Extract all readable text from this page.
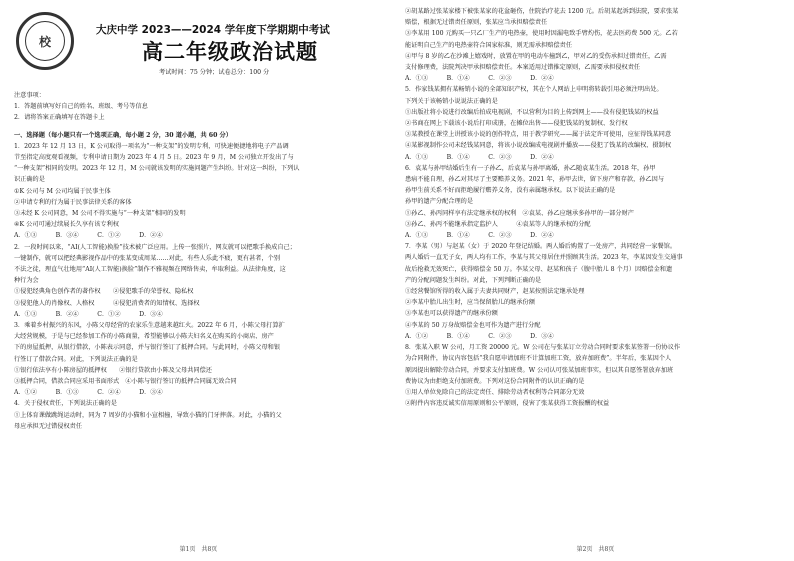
校
大庆中学 2023——2024 学年度下学期期中考试
高二年级政治试题
考试时间：75 分钟；试卷总分：100 分
注意事项：
1．答题前填写好自己的姓名、班级、考号等信息
2．请将答案正确填写在答题卡上
一、选择题（每小题只有一个选项正确，每小题 2 分，30 道小题，共 60 分）
1．2023 年 12 月 13 日，K 公司取得一项名为“一种支架”的发明专利，可快速便捷地将电子产品调
节至指定高度观看视频，专利申请日期为 2023 年 4 月 5 日。2023 年 9 月，M 公司独立开发出了与
“一种支架”相同的发明。2023 年 12 月，M 公司就该发明的实施问题产生纠纷。针对这一纠纷，下列认
识正确的是
①K 公司与 M 公司均属于民事主体
②申请专利的行为属于民事法律关系的客体
③未经 K 公司同意，M 公司不得实施与“一种支架”相同的发明
④K 公司可通过续展长久享有该专利权
A．①③　　　B．③④　　　C．①②　　　D．②④
2．一段时间以来，“AI(人工智能)换脸”技术被广泛应用。上传一张照片，网友就可以把歌手换成自己；
一键制作，就可以把经典影视作品中的张某变成周某……对此，有些人乐此不疲，更有甚者，个别
不法之徒，理直气壮地用“AI(人工智能)换脸”制作不雅视频在网络售卖，牟取利益。从法律角度，这
种行为会
①侵犯经典角色创作者的著作权　　②侵犯歌手的荣誉权、隐私权
③侵犯他人的肖像权、人格权　　　④侵犯消费者的知情权、选择权
A．①③　　　B．②④　　　C．①②　　　D．③④
3．乘着乡村振兴的东风，小陈父母经营的农家乐生意越来越红火。2022 年 6 月，小陈父母打算扩
大经营规模，于是与已经参加工作的小陈商量，希望能够以小陈夫妇名义在购买的小商店、房产
下的房屋抵押，从银行借款，小陈表示同意，并与银行签订了抵押合同。与此同时，小陈父母和银
行签订了借款合同。对此，下列说法正确的是
①银行依法享有小陈房屋的抵押权　　②银行贷款由小陈及父母共同偿还
③抵押合同，借款合同应采用书面形式　④小陈与银行签订的抵押合同属无效合同
A．①②　　　B．①③　　　C．②④　　　D．③④
4．关于侵权责任，下列说法正确的是
①上体育课做跳绳运动时，同为 7 周岁的小猫和小宣相撞，导致小猫的门牙摔落。对此，小猫的父
母应承担无过错侵权责任
第1页　共8页
②胡某路过张某家楼下被张某家的花盆砸伤，住院治疗花去 1200 元。后胡某起诉到法院，要求张某
赔偿，根据无过错责任原则，张某应当承担赔偿责任
③李某用 100 元购买一只乙厂生产的电热壶，使用时因漏电致手臂灼伤，花去医药费 500 元。乙若
能证明自己生产的电热壶符合国家标准，则无需承担赔偿责任
④甲与 8 岁的乙在沙滩上嬉戏时，放置在甲的电动车撞到乙，甲对乙的受伤承担过错责任，乙需
支付修理费，法院判决甲承担赔偿责任。本案适用过错推定原则，乙需要承担侵权责任
A．①③　　　B．①④　　　C．②③　　　D．②④
5．作家钱某拥有某畅销小说的全部知识产权，其在个人网站上申明将转载引用必须注明出处。
下列关于该畅销小说说法正确的是
①出版社将小说进行改编后拍成电视剧，不以营利为目的上传到网上——没有侵犯钱某的权益
②书商在网上下载该小说后打印成册，在摊位出售——侵犯钱某的复制权、发行权
③某教授在课堂上讲授该小说的创作特点，用于教学研究——属于法定许可使用，应征得钱某同意
④某影视制作公司未经钱某同意，将该小说改编成电视剧并播放——侵犯了钱某的改编权、摄制权
A．①③　　　B．①④　　　C．②③　　　D．②④
6．袁某与孙甲结婚后生有一子孙乙，后袁某与孙甲离婚，孙乙随袁某生活。2018 年，孙甲
患病不能自理，孙乙对其尽了主要赡养义务。2021 年，孙甲去世，留下房产和存款，孙乙因与
孙甲生前关系不好而拒绝履行赡养义务，没有亲属继承权。以下说法正确的是
孙甲的遗产分配合理的是
①孙乙、孙丙同样享有法定继承权的权利　②袁某、孙乙应继承多孙甲的一部分财产
③孙乙、孙丙不能继承指定监护人　　　④袁某等人的继承权的分配
A．①③　　　B．①④　　　C．②③　　　D．②④
7．李某（男）与赵某（女）于 2020 年登记结婚。两人婚后购置了一处房产，共同经营一家餐馆。
两人婚后一直无子女，两人均有工作，李某与其父母居住并照顾其生活。2023 年，李某因发生交通事
故后抢救无效死亡，获得赔偿金 50 万。李某父母、赵某和孩子（腹中胎儿 8 个月）因赔偿金和遗
产的分配问题发生纠纷。对此，下列判断正确的是
①经营餐馆所得的收入属于夫妻共同财产，赵某按照法定继承处理
②李某中胎儿出生时，应当保留胎儿的继承份额
③李某也可以获得遗产的继承份额
④李某的 50 万身故赔偿金也可作为遗产进行分配
A．①②　　　B．①④　　　C．②③　　　D．③④
8．张某入职 W 公司，月工资 20000 元。W 公司在与张某订立劳动合同时要求张某签署一份协议作
为合同附件，协议内容包括“我自愿申请加班不计算加班工资，放弃加班费”。半年后，张某因个人
原因提出解除劳动合同，并要求支付加班费。W 公司认可张某加班事实，但以其自愿签署放弃加班
费协议为由拒绝支付加班费。下列对这份合同附件的认识正确的是
①用人单位免除自己的法定责任、排除劳动者权利等合同部分无效
②附件内容违反诚实信用原则和公平原则，侵害了张某获得工资报酬的权益
第2页　共8页
